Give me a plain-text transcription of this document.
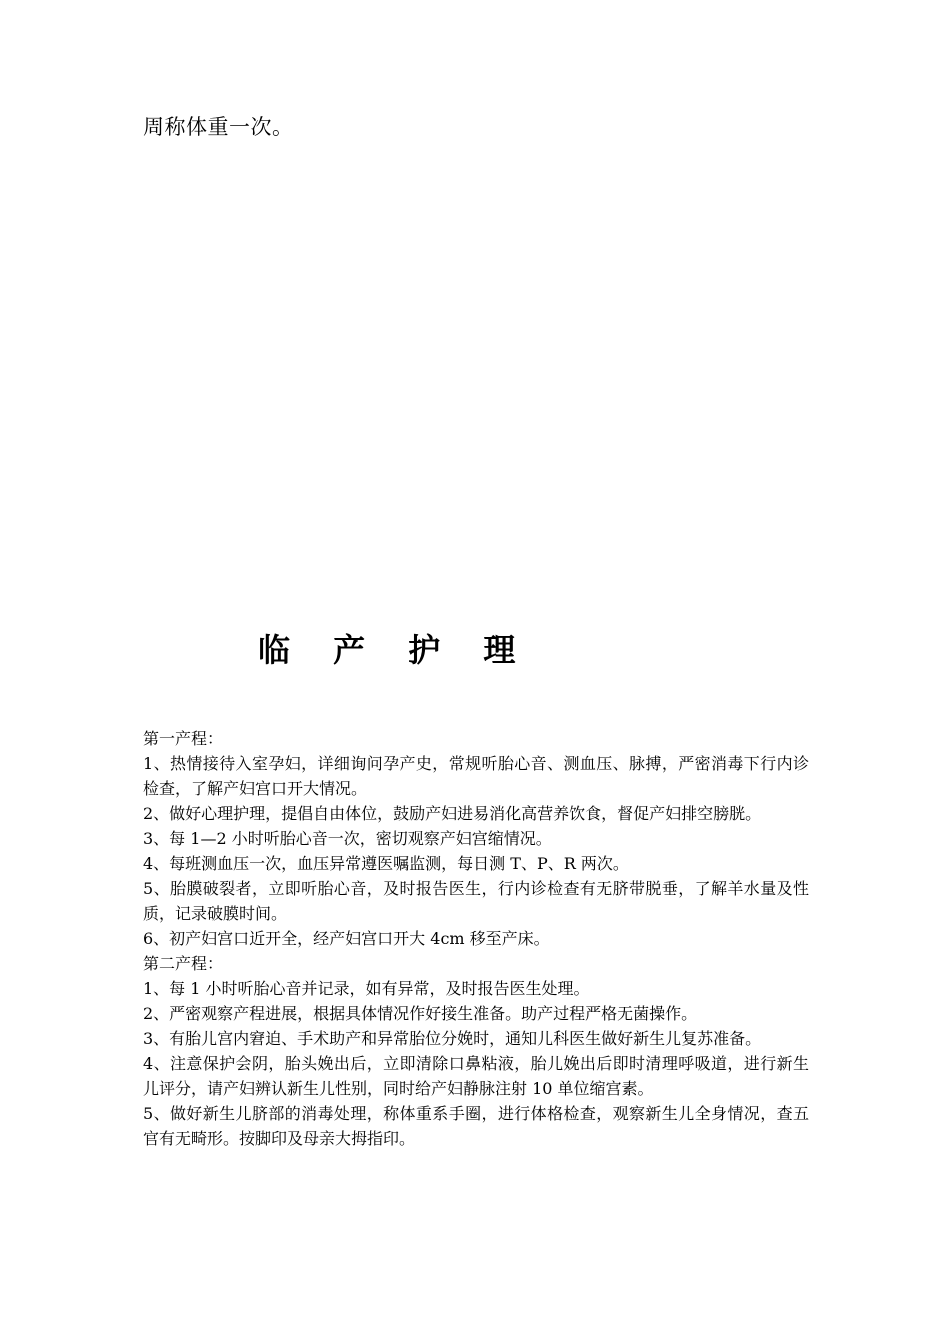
周称体重一次。
临 产 护 理

第一产程：

1、热情接待入室孕妇，详细询问孕产史，常规听胎心音、测血压、脉搏，严密消毒下行内诊检查，了解产妇宫口开大情况。

2、做好心理护理，提倡自由体位，鼓励产妇进易消化高营养饮食，督促产妇排空膀胱。

3、每 1—2 小时听胎心音一次，密切观察产妇宫缩情况。

4、每班测血压一次，血压异常遵医嘱监测，每日测 T、P、R 两次。

5、胎膜破裂者，立即听胎心音，及时报告医生，行内诊检查有无脐带脱垂，了解羊水量及性质，记录破膜时间。

6、初产妇宫口近开全，经产妇宫口开大 4cm 移至产床。

第二产程：

1、每 1 小时听胎心音并记录，如有异常，及时报告医生处理。

2、严密观察产程进展，根据具体情况作好接生准备。助产过程严格无菌操作。

3、有胎儿宫内窘迫、手术助产和异常胎位分娩时，通知儿科医生做好新生儿复苏准备。

4、注意保护会阴，胎头娩出后，立即清除口鼻粘液，胎儿娩出后即时清理呼吸道，进行新生儿评分，请产妇辨认新生儿性别，同时给产妇静脉注射 10 单位缩宫素。

5、做好新生儿脐部的消毒处理，称体重系手圈，进行体格检查，观察新生儿全身情况，查五官有无畸形。按脚印及母亲大拇指印。
